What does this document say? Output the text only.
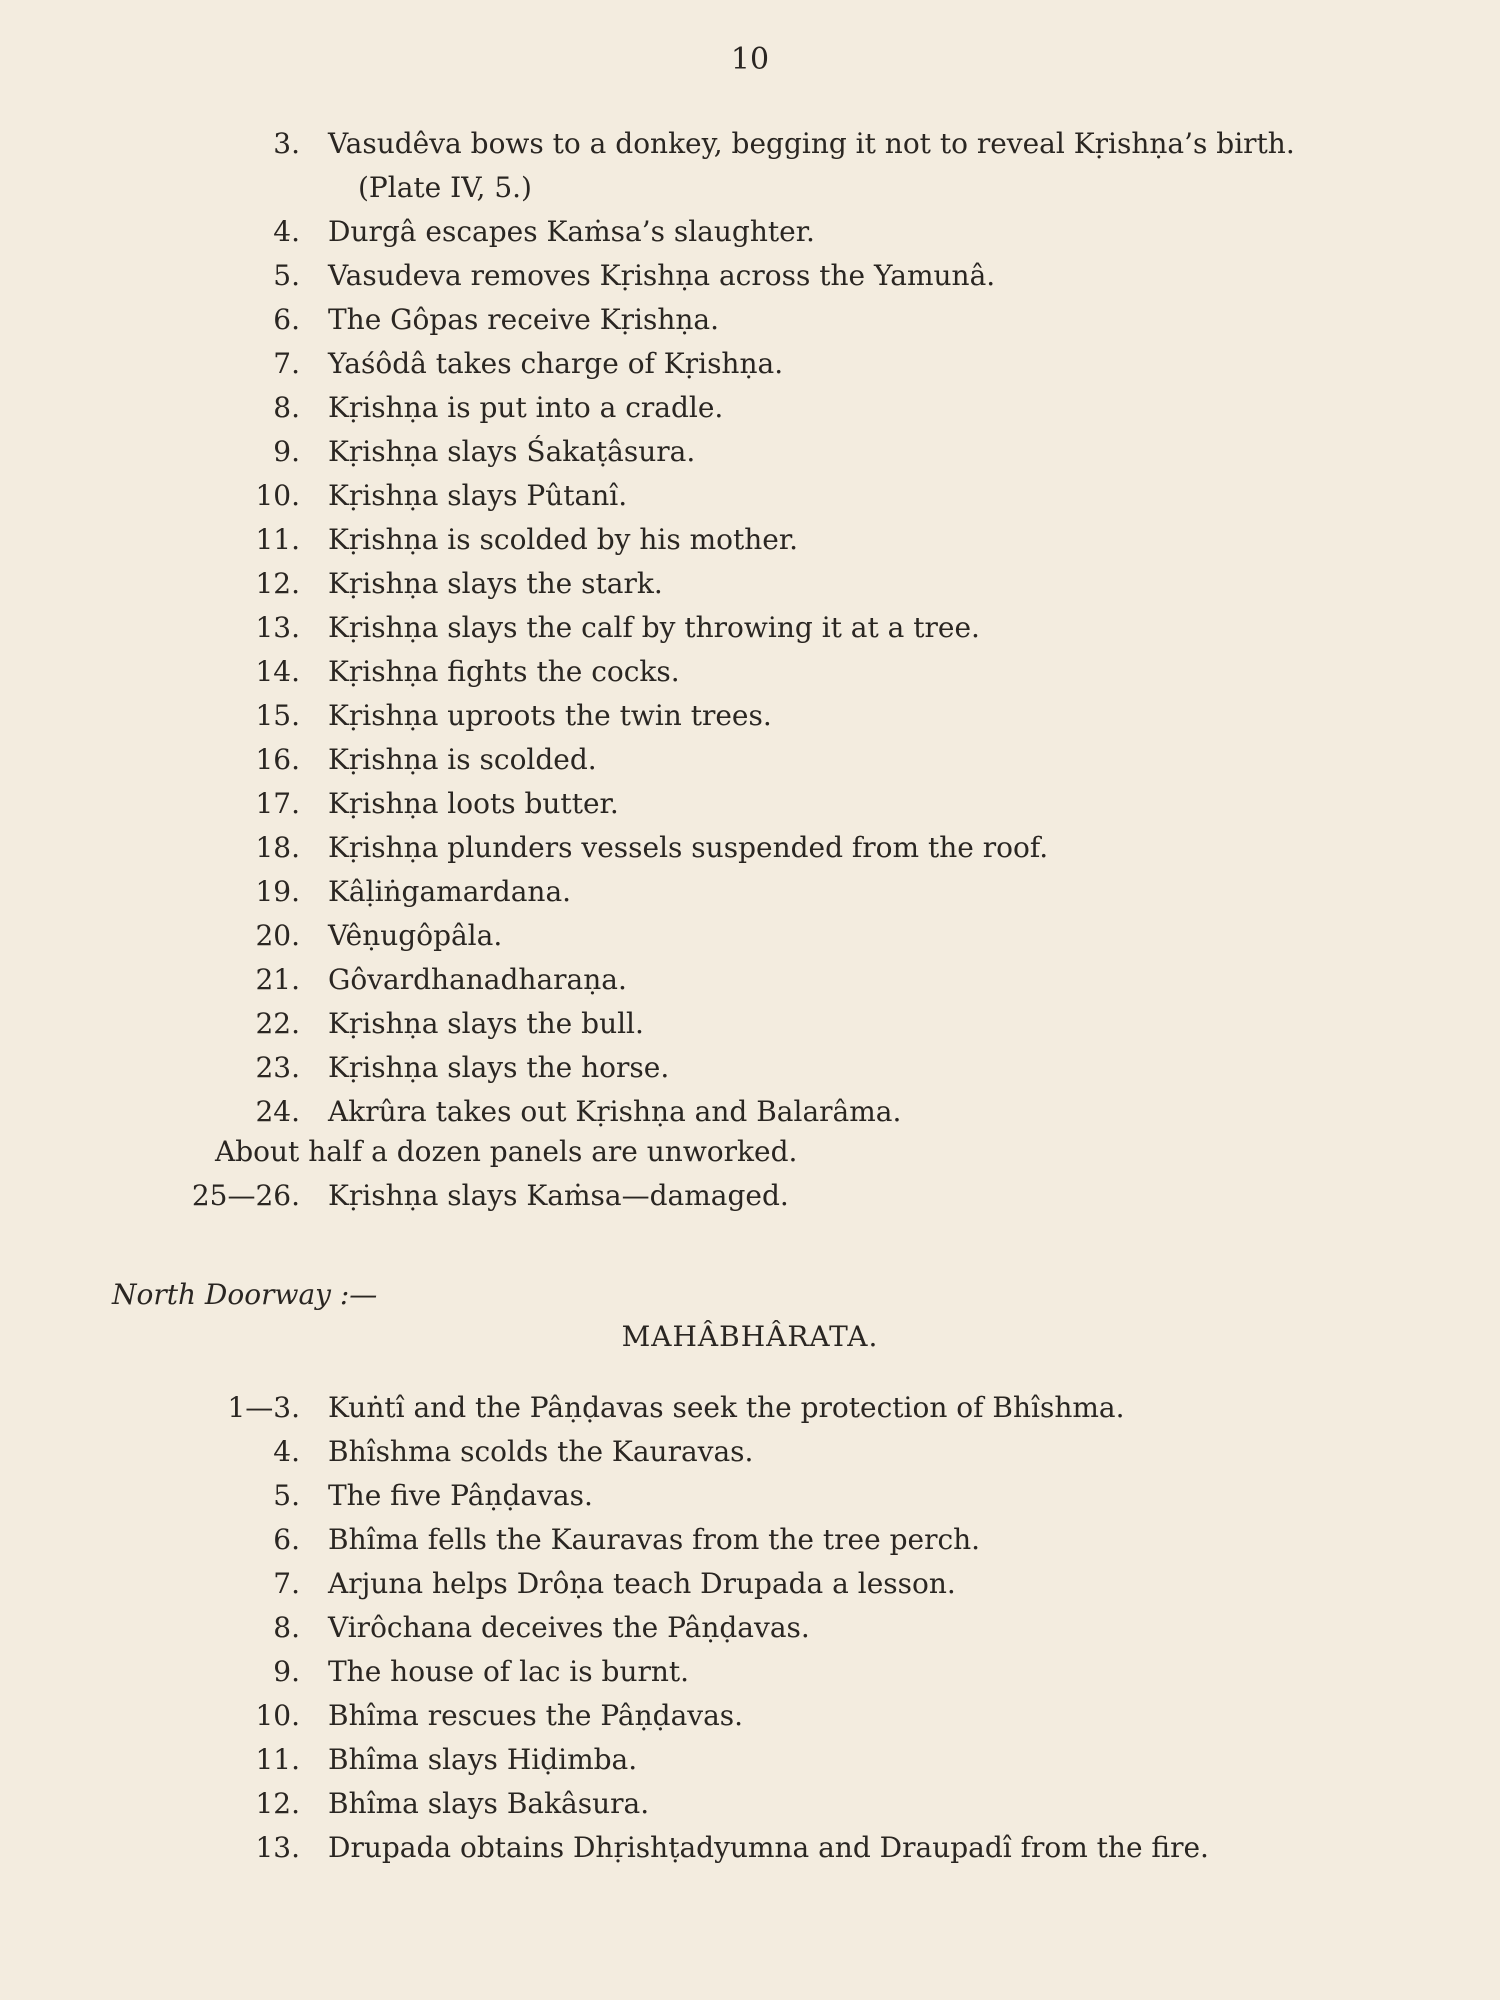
10
3. Vasudêva bows to a donkey, begging it not to reveal Kṛishṇa’s birth.
(Plate IV, 5.)
4. Durgâ escapes Kaṁsa’s slaughter.
5. Vasudeva removes Kṛishṇa across the Yamunâ.
6. The Gôpas receive Kṛishṇa.
7. Yaśôdâ takes charge of Kṛishṇa.
8. Kṛishṇa is put into a cradle.
9. Kṛishṇa slays Śakaṭâsura.
10. Kṛishṇa slays Pûtanî.
11. Kṛishṇa is scolded by his mother.
12. Kṛishṇa slays the stark.
13. Kṛishṇa slays the calf by throwing it at a tree.
14. Kṛishṇa fights the cocks.
15. Kṛishṇa uproots the twin trees.
16. Kṛishṇa is scolded.
17. Kṛishṇa loots butter.
18. Kṛishṇa plunders vessels suspended from the roof.
19. Kâḷiṅgamardana.
20. Vêṇugôpâla.
21. Gôvardhanadharaṇa.
22. Kṛishṇa slays the bull.
23. Kṛishṇa slays the horse.
24. Akrûra takes out Kṛishṇa and Balarâma.
About half a dozen panels are unworked.
25—26. Kṛishṇa slays Kaṁsa—damaged.
North Doorway :—
MAHÂBHÂRATA.
1—3. Kuṅtî and the Pâṇḍavas seek the protection of Bhîshma.
4. Bhîshma scolds the Kauravas.
5. The five Pâṇḍavas.
6. Bhîma fells the Kauravas from the tree perch.
7. Arjuna helps Drôṇa teach Drupada a lesson.
8. Virôchana deceives the Pâṇḍavas.
9. The house of lac is burnt.
10. Bhîma rescues the Pâṇḍavas.
11. Bhîma slays Hiḍimba.
12. Bhîma slays Bakâsura.
13. Drupada obtains Dhṛishṭadyumna and Draupadî from the fire.
